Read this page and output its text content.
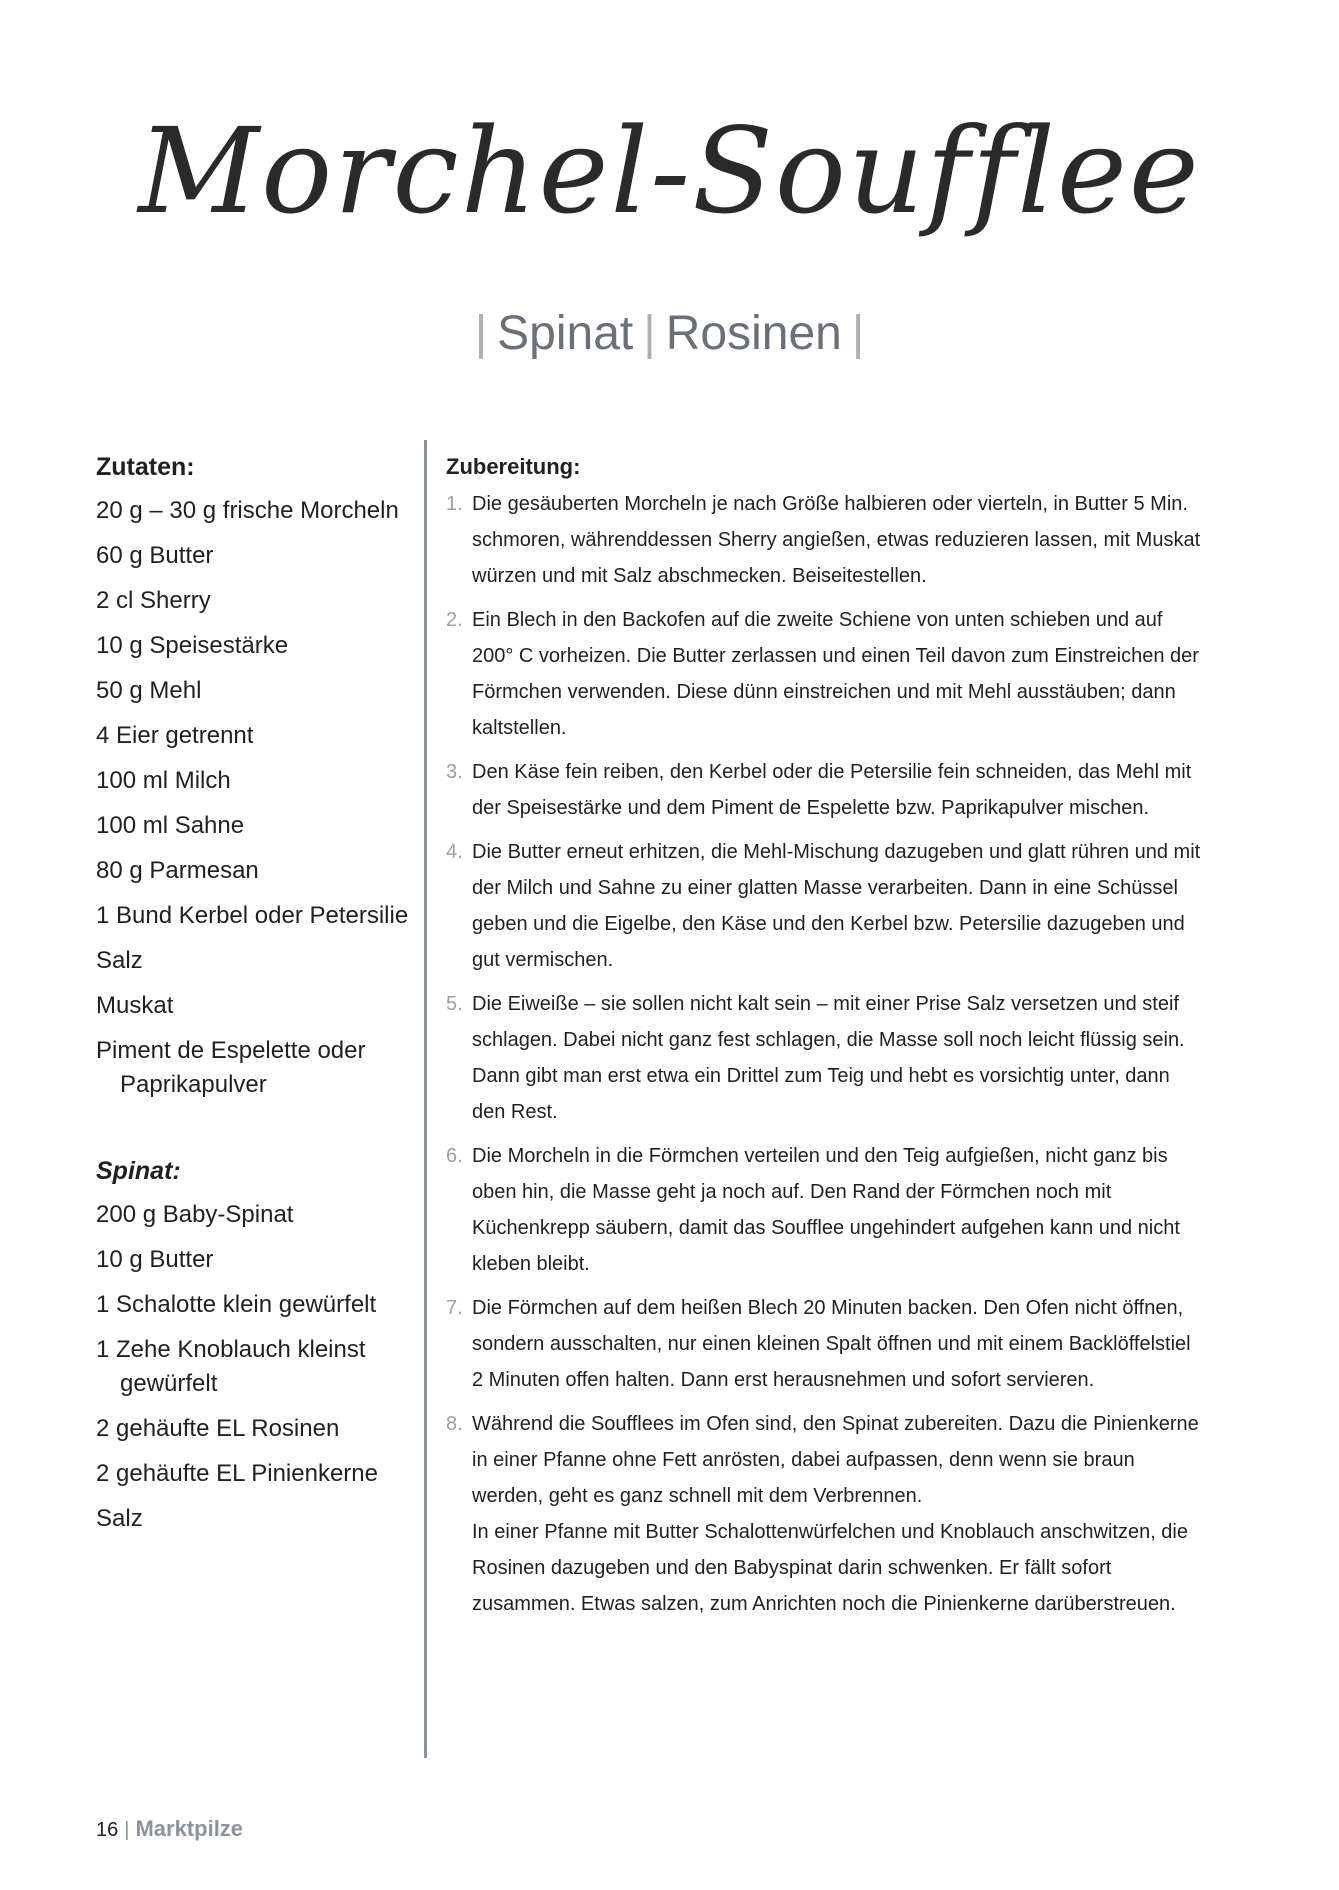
Morchel-Soufflee
| Spinat | Rosinen |
Zutaten:
20 g – 30 g frische Morcheln
60 g Butter
2 cl Sherry
10 g Speisestärke
50 g Mehl
4 Eier getrennt
100 ml Milch
100 ml Sahne
80 g Parmesan
1 Bund Kerbel oder Petersilie
Salz
Muskat
Piment de Espelette oder Paprikapulver
Spinat:
200 g Baby-Spinat
10 g Butter
1 Schalotte klein gewürfelt
1 Zehe Knoblauch kleinst gewürfelt
2 gehäufte EL Rosinen
2 gehäufte EL Pinienkerne
Salz
Zubereitung:
1. Die gesäuberten Morcheln je nach Größe halbieren oder vierteln, in Butter 5 Min. schmoren, währenddessen Sherry angießen, etwas reduzieren lassen, mit Muskat würzen und mit Salz abschmecken. Beiseitestellen.
2. Ein Blech in den Backofen auf die zweite Schiene von unten schieben und auf 200° C vorheizen. Die Butter zerlassen und einen Teil davon zum Einstreichen der Förmchen verwenden. Diese dünn einstreichen und mit Mehl ausstäuben; dann kaltstellen.
3. Den Käse fein reiben, den Kerbel oder die Petersilie fein schneiden, das Mehl mit der Speisestärke und dem Piment de Espelette bzw. Paprikapulver mischen.
4. Die Butter erneut erhitzen, die Mehl-Mischung dazugeben und glatt rühren und mit der Milch und Sahne zu einer glatten Masse verarbeiten. Dann in eine Schüssel geben und die Eigelbe, den Käse und den Kerbel bzw. Petersilie dazugeben und gut vermischen.
5. Die Eiweiße – sie sollen nicht kalt sein – mit einer Prise Salz versetzen und steif schlagen. Dabei nicht ganz fest schlagen, die Masse soll noch leicht flüssig sein. Dann gibt man erst etwa ein Drittel zum Teig und hebt es vorsichtig unter, dann den Rest.
6. Die Morcheln in die Förmchen verteilen und den Teig aufgießen, nicht ganz bis oben hin, die Masse geht ja noch auf. Den Rand der Förmchen noch mit Küchenkrepp säubern, damit das Soufflee ungehindert aufgehen kann und nicht kleben bleibt.
7. Die Förmchen auf dem heißen Blech 20 Minuten backen. Den Ofen nicht öffnen, sondern ausschalten, nur einen kleinen Spalt öffnen und mit einem Backlöffelstiel 2 Minuten offen halten. Dann erst herausnehmen und sofort servieren.
8. Während die Soufflees im Ofen sind, den Spinat zubereiten. Dazu die Pinienkerne in einer Pfanne ohne Fett anrösten, dabei aufpassen, denn wenn sie braun werden, geht es ganz schnell mit dem Verbrennen.
In einer Pfanne mit Butter Schalottenwürfelchen und Knoblauch anschwitzen, die Rosinen dazugeben und den Babyspinat darin schwenken. Er fällt sofort zusammen. Etwas salzen, zum Anrichten noch die Pinienkerne darüberstreuen.
16 | Marktpilze
